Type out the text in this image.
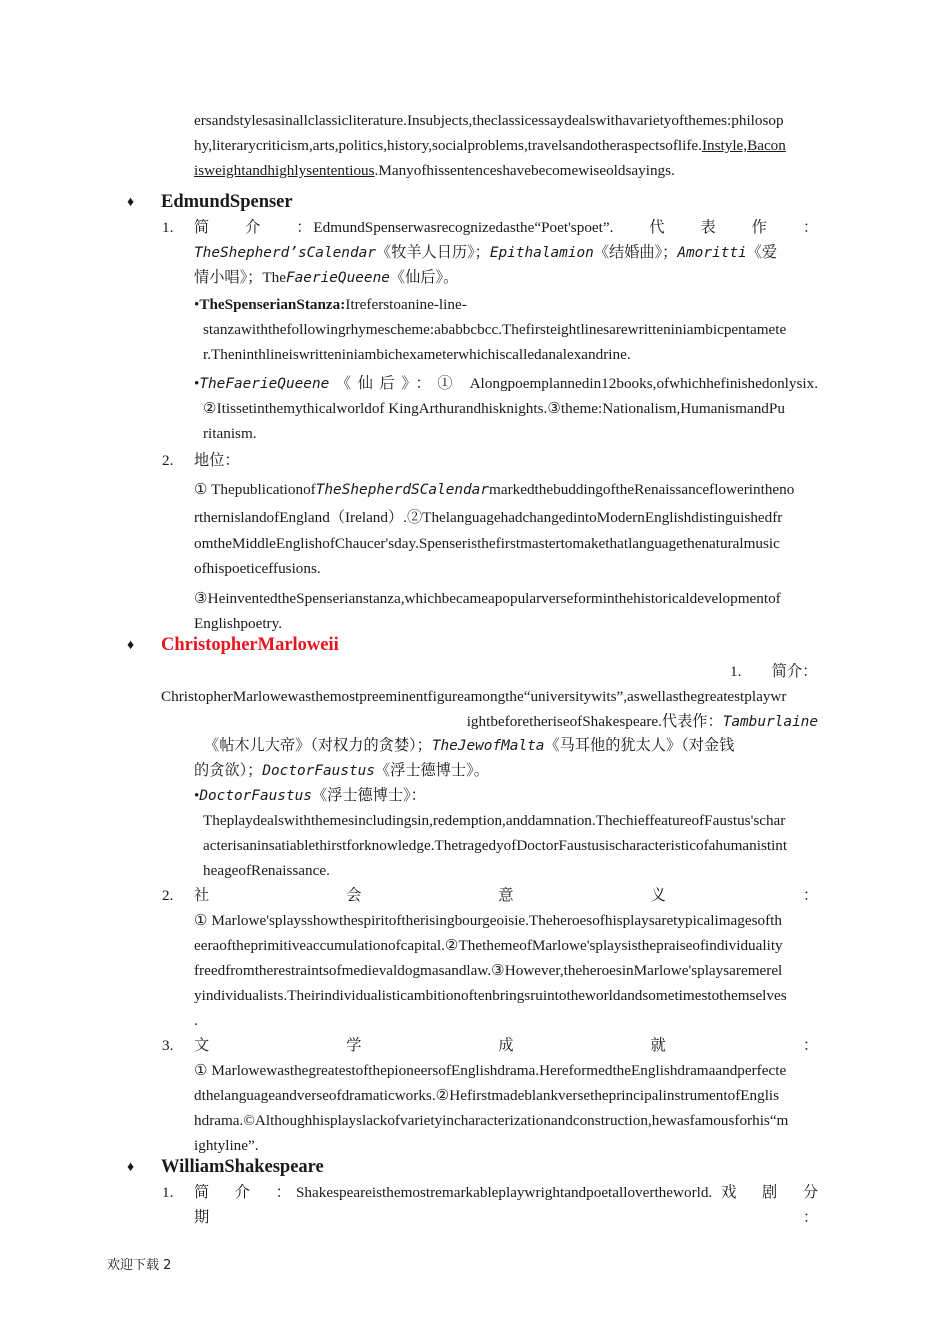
ersandstylesasinallclassicliterature.Insubjects,theclassicessaydealswithavarietyofthemes:philosop
hy,literarycriticism,arts,politics,history,socialproblems,travelsandotheraspectsoflife.Instyle,Bacon
isweightandhighlysententious.Manyofhissentenceshavebecomewiseoldsayings.
♦ EdmundSpenser
1. 简　　介　　：EdmundSpenserwasrecognizedasthe“Poet'spoet”.　　 代　　表　　作　　：
TheShepherd’sCalendar《牧羊人日历》；Epithalamion《结婚曲》；Amoritti《爱
情小唱》；TheFaerieQueene《仙后》。
•TheSpenserianStanza:Itreferstoanine-line-
stanzawiththefollowingrhymescheme:ababbcbcc.Thefirsteightlinesarewritteniniambicpentamete
r.Theninthlineiswritteniniambichexameterwhichiscalledanalexandrine.
•TheFaerieQueene《仙后》：① Alongpoemplannedin12books,ofwhichhefinishedonlysix.
②Itissetinthemythicalworldof KingArthurandhisknights.③theme:Nationalism,HumanismandPu
ritanism.
2. 地位：
① ThepublicationofTheShepherdSCalendarmarkedthebuddingoftheRenaissanceflowerintheno
rthernislandofEngland（Ireland）.②ThelanguagehadchangedintoModernEnglishdistinguishedfr
omtheMiddleEnglishofChaucer'sday.Spenseristhefirstmastertomakethatlanguagethenaturalmusic
ofhispoeticeffusions.
③HeinventedtheSpenserianstanza,whichbecameapopularverseforminthehistoricaldevelopmentof
Englishpoetry.
♦ ChristopherMarloweii
1.　　 简介：
ChristopherMarlowewasthemostpreeminentfigureamongthe“universitywits”,aswellasthegreatestplaywr
ightbeforetheriseofShakespeare.代表作：Tamburlaine
《帖木儿大帝》（对权力的贪婪）；TheJewofMalta《马耳他的犹太人》（对金钱
的贪欲）；DoctorFaustus《浮士德博士》。
•DoctorFaustus《浮士德博士》：
Theplaydealswiththemesincludingsin,redemption,anddamnation.ThechieffeatureofFaustus'schar
acterisaninsatiablethirstforknowledge.ThetragedyofDoctorFaustusischaracteristicofahumanistint
heageofRenaissance.
2. 社　　　　　　会　　　　　　意　　　　　　义　　　　　　：
① Marlowe'splaysshowthespiritoftherisingbourgeoisie.Theheroesofhisplaysaretypicalimagesofth
eeraoftheprimitiveaccumulationofcapital.②ThethemeofMarlowe'splaysisthepraiseofindividuality
freedfromtherestraintsofmedievaldogmasandlaw.③However,theheroesinMarlowe'splaysaremerel
yindividualists.Theirindividualisticambitionoftenbringsruintotheworldandsometimestothemselves
.
3. 文　　　　　　学　　　　　　成　　　　　　就　　　　　　：
① MarlowewasthegreatestofthepioneersofEnglishdrama.HereformedtheEnglishdramaandperfecte
dthelanguageandverseofdramaticworks.②HefirstmadeblankversetheprincipalinstrumentofEnglis
hdrama.©Althoughhisplayslackofvarietyincharacterizationandconstruction,hewasfamousforhis“m
ightyline”.
♦ WilliamShakespeare
1. 简　介　：Shakespeareisthemostremarkableplaywrightandpoetallovertheworld. 戏　剧　分　期　：
欢迎下载 2
